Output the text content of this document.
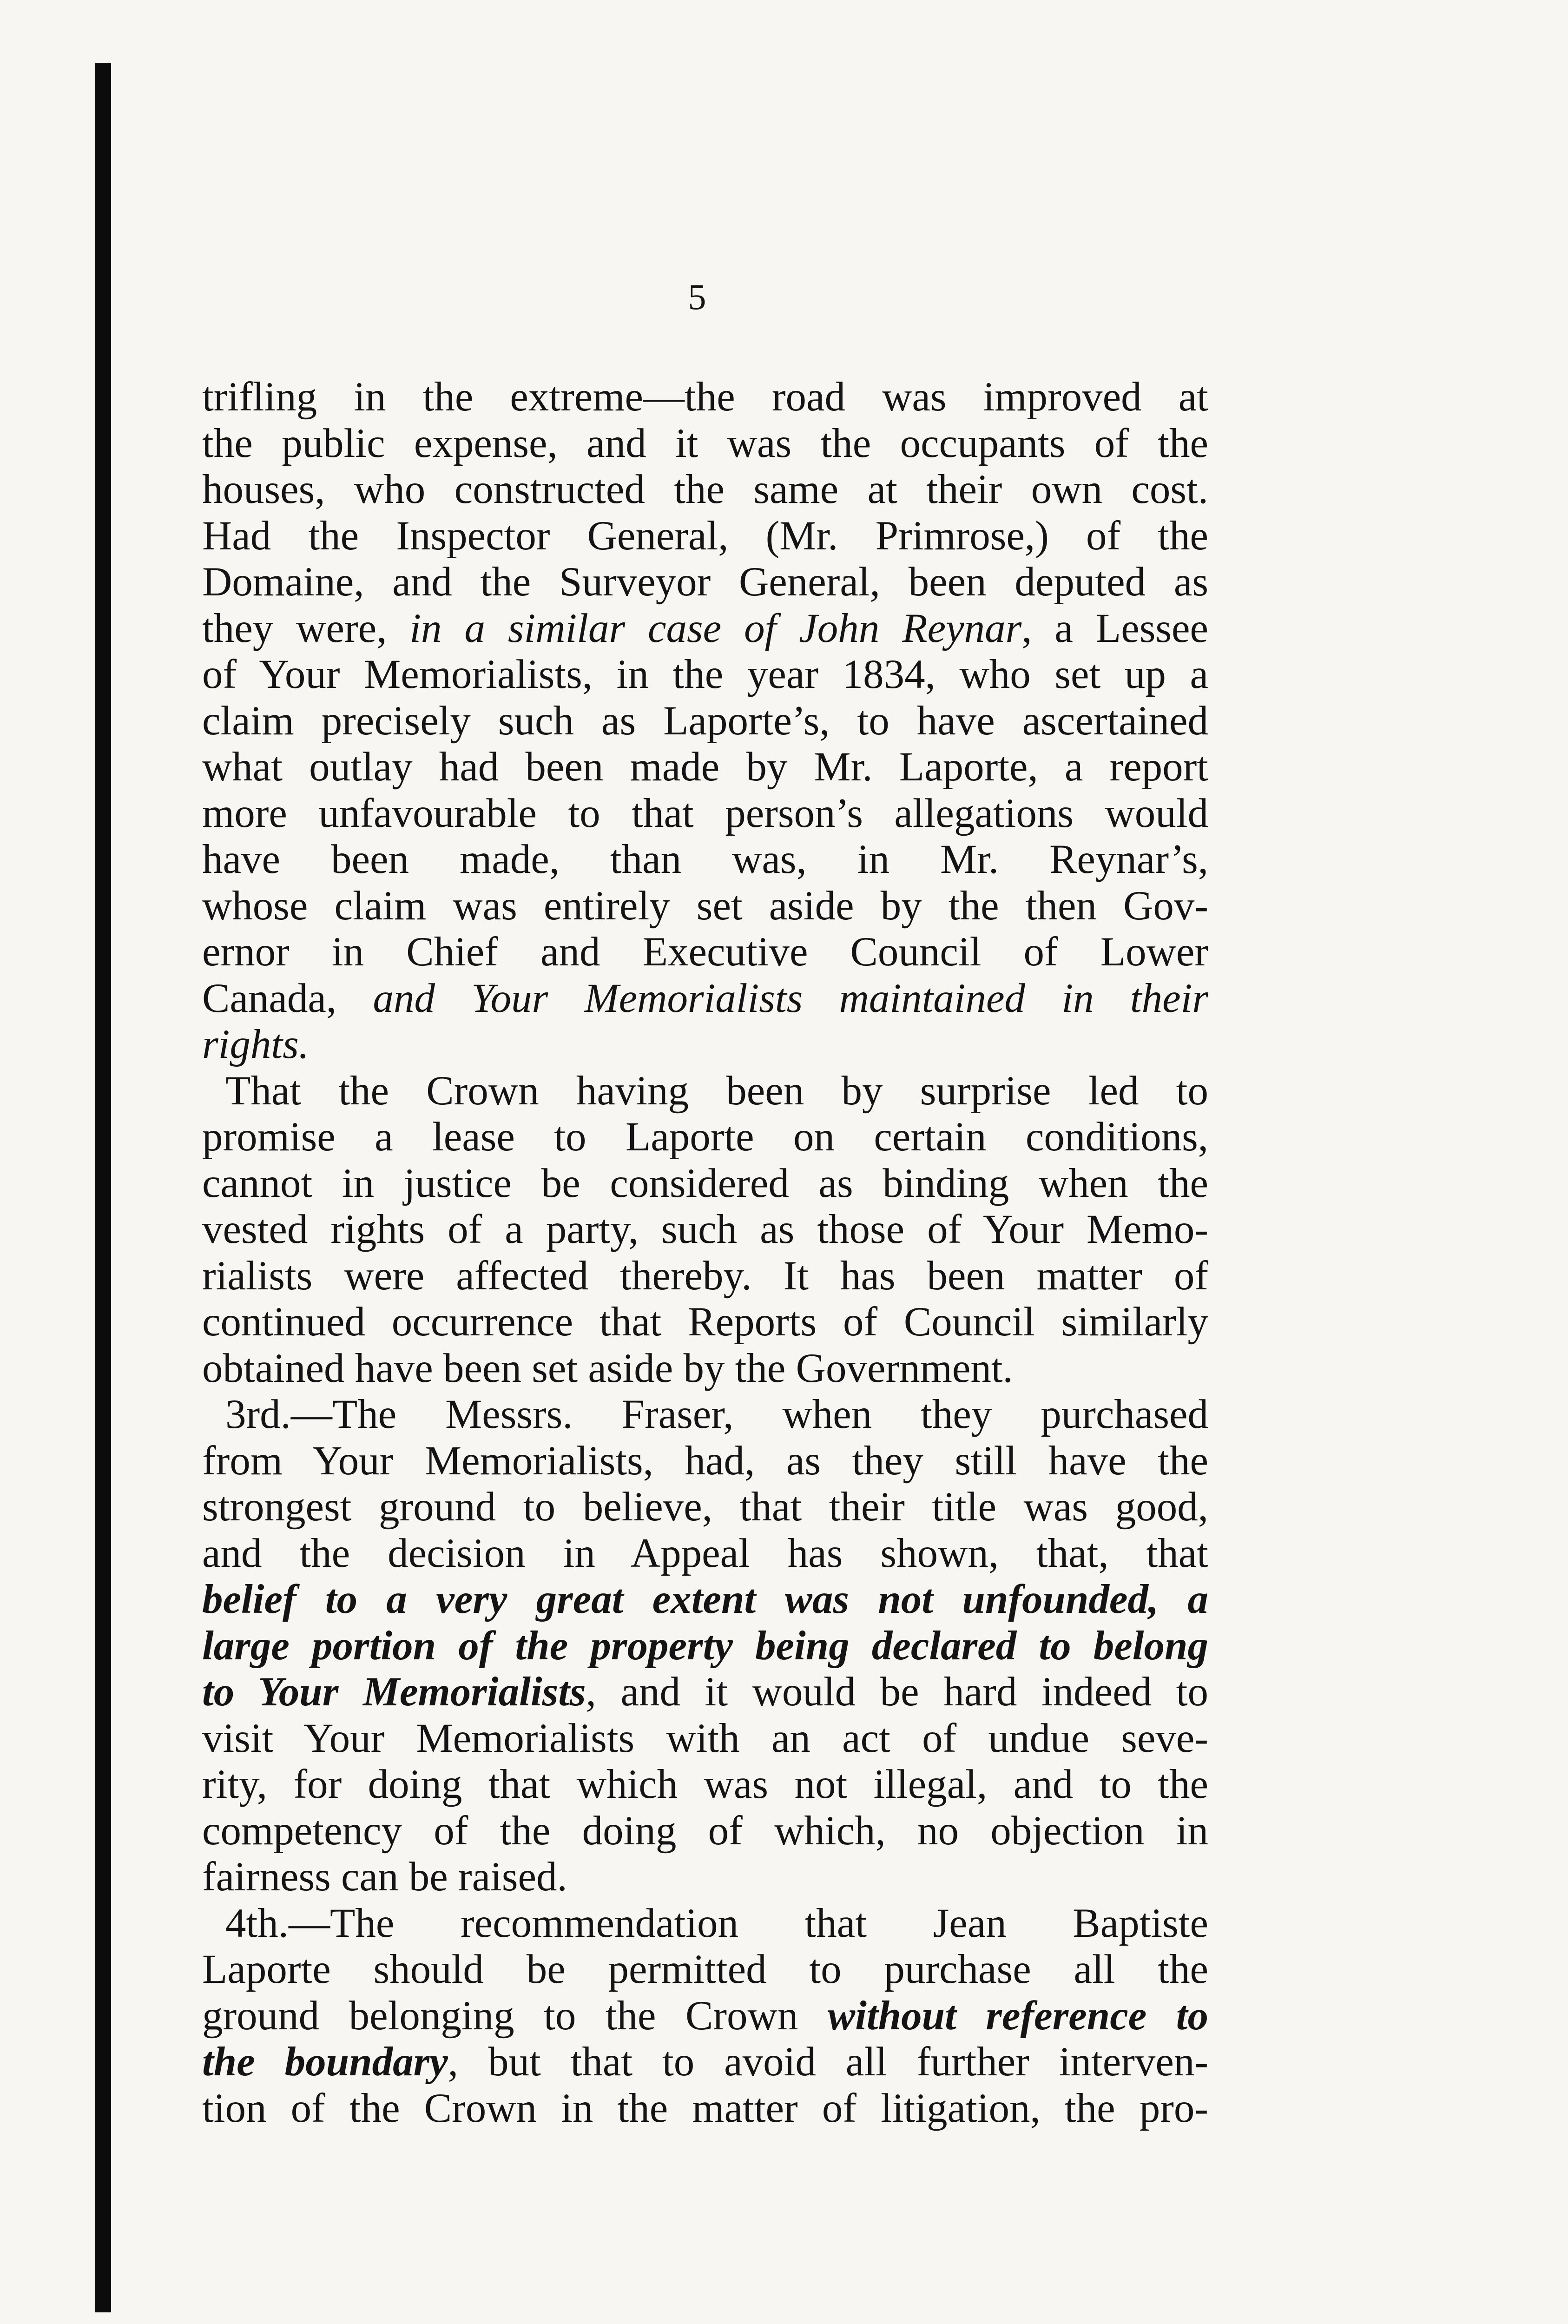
5
trifling in the extreme—the road was improved at
the public expense, and it was the occupants of the
houses, who constructed the same at their own cost.
Had the Inspector General, (Mr. Primrose,) of the
Domaine, and the Surveyor General, been deputed as
they were, in a similar case of John Reynar, a Lessee
of Your Memorialists, in the year 1834, who set up a
claim precisely such as Laporte’s, to have ascertained
what outlay had been made by Mr. Laporte, a report
more unfavourable to that person’s allegations would
have been made, than was, in Mr. Reynar’s,
whose claim was entirely set aside by the then Gov-
ernor in Chief and Executive Council of Lower
Canada, and Your Memorialists maintained in their
rights.
That the Crown having been by surprise led to
promise a lease to Laporte on certain conditions,
cannot in justice be considered as binding when the
vested rights of a party, such as those of Your Memo-
rialists were affected thereby. It has been matter of
continued occurrence that Reports of Council similarly
obtained have been set aside by the Government.
3rd.—The Messrs. Fraser, when they purchased
from Your Memorialists, had, as they still have the
strongest ground to believe, that their title was good,
and the decision in Appeal has shown, that, that
belief to a very great extent was not unfounded, a
large portion of the property being declared to belong
to Your Memorialists, and it would be hard indeed to
visit Your Memorialists with an act of undue seve-
rity, for doing that which was not illegal, and to the
competency of the doing of which, no objection in
fairness can be raised.
4th.—The recommendation that Jean Baptiste
Laporte should be permitted to purchase all the
ground belonging to the Crown without reference to
the boundary, but that to avoid all further interven-
tion of the Crown in the matter of litigation, the pro-
